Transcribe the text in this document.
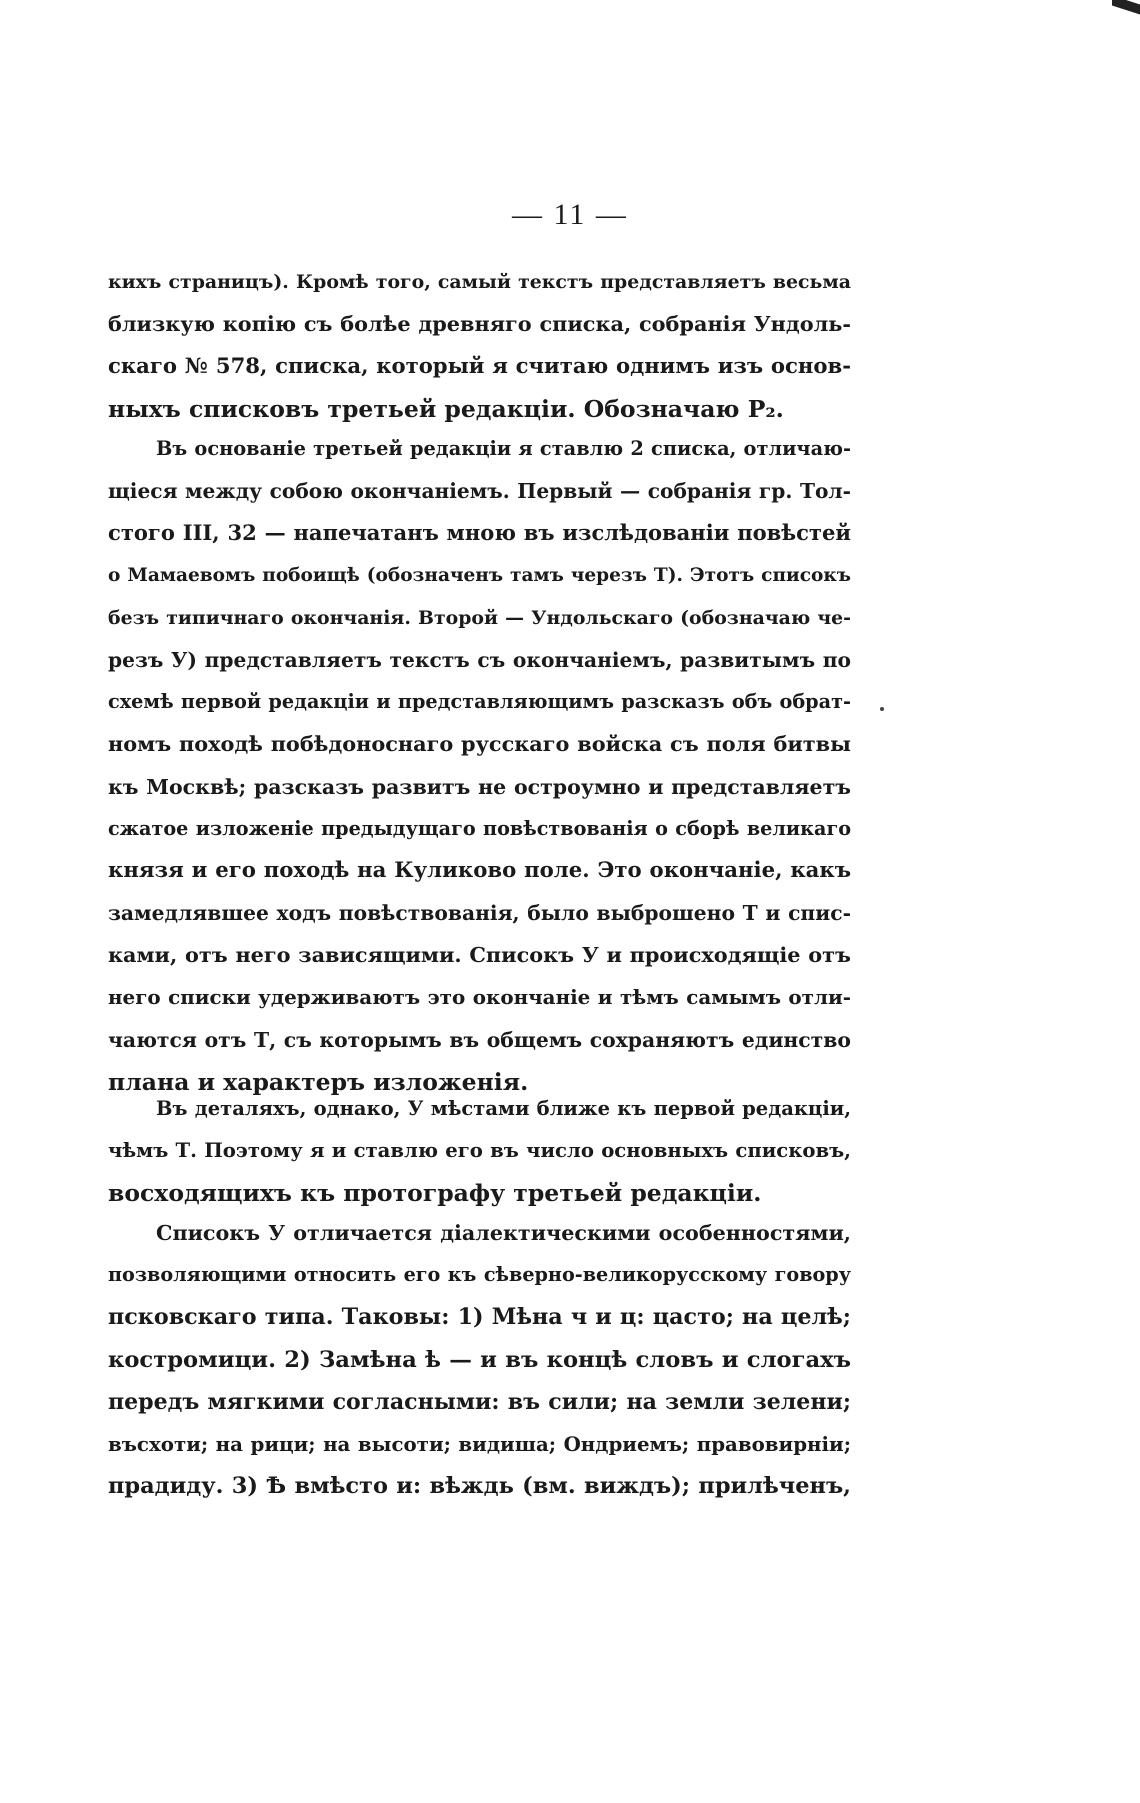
— 11 —
кихъ страницъ). Кромѣ того, самый текстъ представляетъ весьма
близкую копію съ болѣе древняго списка, собранія Ундоль-
скаго № 578, списка, который я считаю однимъ изъ основ-
ныхъ списковъ третьей редакціи. Обозначаю Р₂.
Въ основаніе третьей редакціи я ставлю 2 списка, отличаю-
щіеся между собою окончаніемъ. Первый — собранія гр. Тол-
стого III, 32 — напечатанъ мною въ изслѣдованіи повѣстей
о Мамаевомъ побоищѣ (обозначенъ тамъ черезъ Т). Этотъ списокъ
безъ типичнаго окончанія. Второй — Ундольскаго (обозначаю че-
резъ У) представляетъ текстъ съ окончаніемъ, развитымъ по
схемѣ первой редакціи и представляющимъ разсказъ объ обрат-
номъ походѣ побѣдоноснаго русскаго войска съ поля битвы
къ Москвѣ; разсказъ развитъ не остроумно и представляетъ
сжатое изложеніе предыдущаго повѣствованія о сборѣ великаго
князя и его походѣ на Куликово поле. Это окончаніе, какъ
замедлявшее ходъ повѣствованія, было выброшено Т и спис-
ками, отъ него зависящими. Списокъ У и происходящіе отъ
него списки удерживаютъ это окончаніе и тѣмъ самымъ отли-
чаются отъ Т, съ которымъ въ общемъ сохраняютъ единство
плана и характеръ изложенія.
Въ деталяхъ, однако, У мѣстами ближе къ первой редакціи,
чѣмъ Т. Поэтому я и ставлю его въ число основныхъ списковъ,
восходящихъ къ протографу третьей редакціи.
Списокъ У отличается діалектическими особенностями,
позволяющими относить его къ сѣверно-великорусскому говору
псковскаго типа. Таковы: 1) Мѣна ч и ц: цасто; на целѣ;
костромици. 2) Замѣна ѣ — и въ концѣ словъ и слогахъ
передъ мягкими согласными: въ сили; на земли зелени;
въсхоти; на рици; на высоти; видиша; Ондриемъ; правовирніи;
прадиду. 3) Ѣ вмѣсто и: вѣждь (вм. виждъ); прилѣченъ,
